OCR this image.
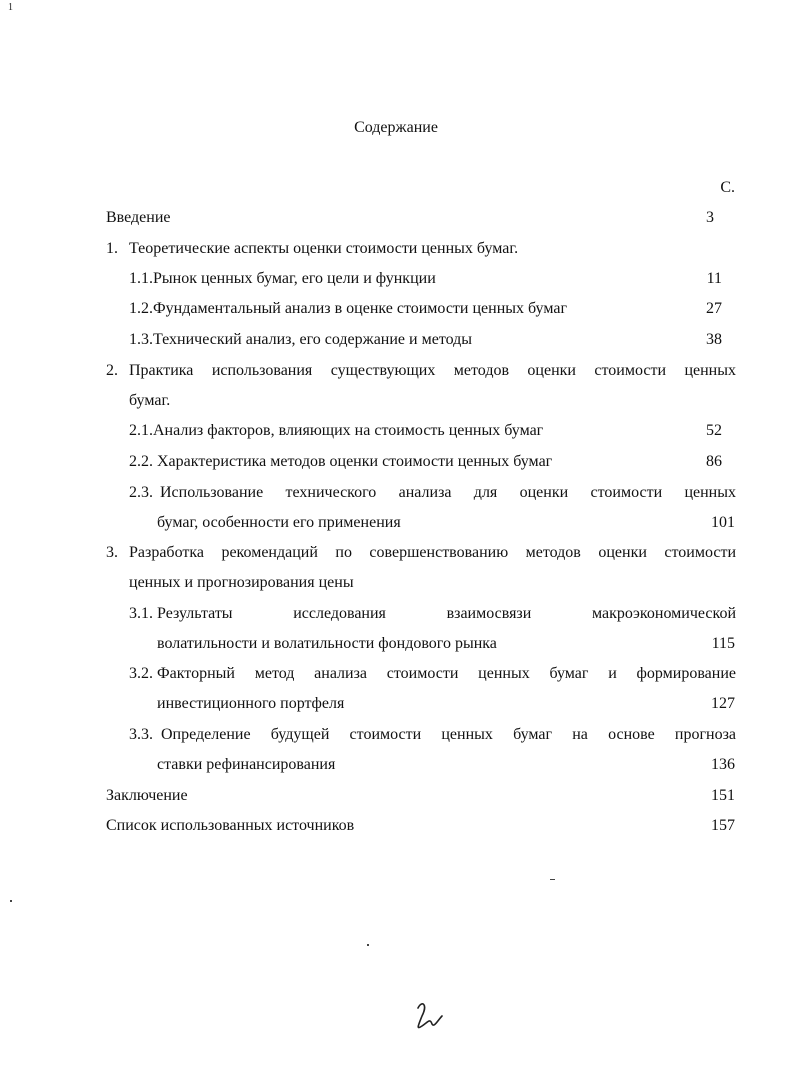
1
Содержание
С.
Введение	3
1. Теоретические аспекты оценки стоимости ценных бумаг.
1.1.Рынок ценных бумаг, его цели и функции	11
1.2.Фундаментальный анализ в оценке стоимости ценных бумаг	27
1.3.Технический анализ, его содержание и методы	38
2. Практика использования существующих методов оценки стоимости ценных
бумаг.
2.1.Анализ факторов, влияющих на стоимость ценных бумаг	52
2.2. Характеристика методов оценки стоимости ценных бумаг	86
2.3. Использование технического анализа для оценки стоимости ценных
бумаг, особенности его применения	101
3. Разработка рекомендаций по совершенствованию методов оценки стоимости
ценных и прогнозирования цены
3.1. Результаты исследования взаимосвязи макроэкономической
волатильности и волатильности фондового рынка	115
3.2. Факторный метод анализа стоимости ценных бумаг и формирование
инвестиционного портфеля	127
3.3. Определение будущей стоимости ценных бумаг на основе прогноза
ставки рефинансирования	136
Заключение	151
Список использованных источников	157
